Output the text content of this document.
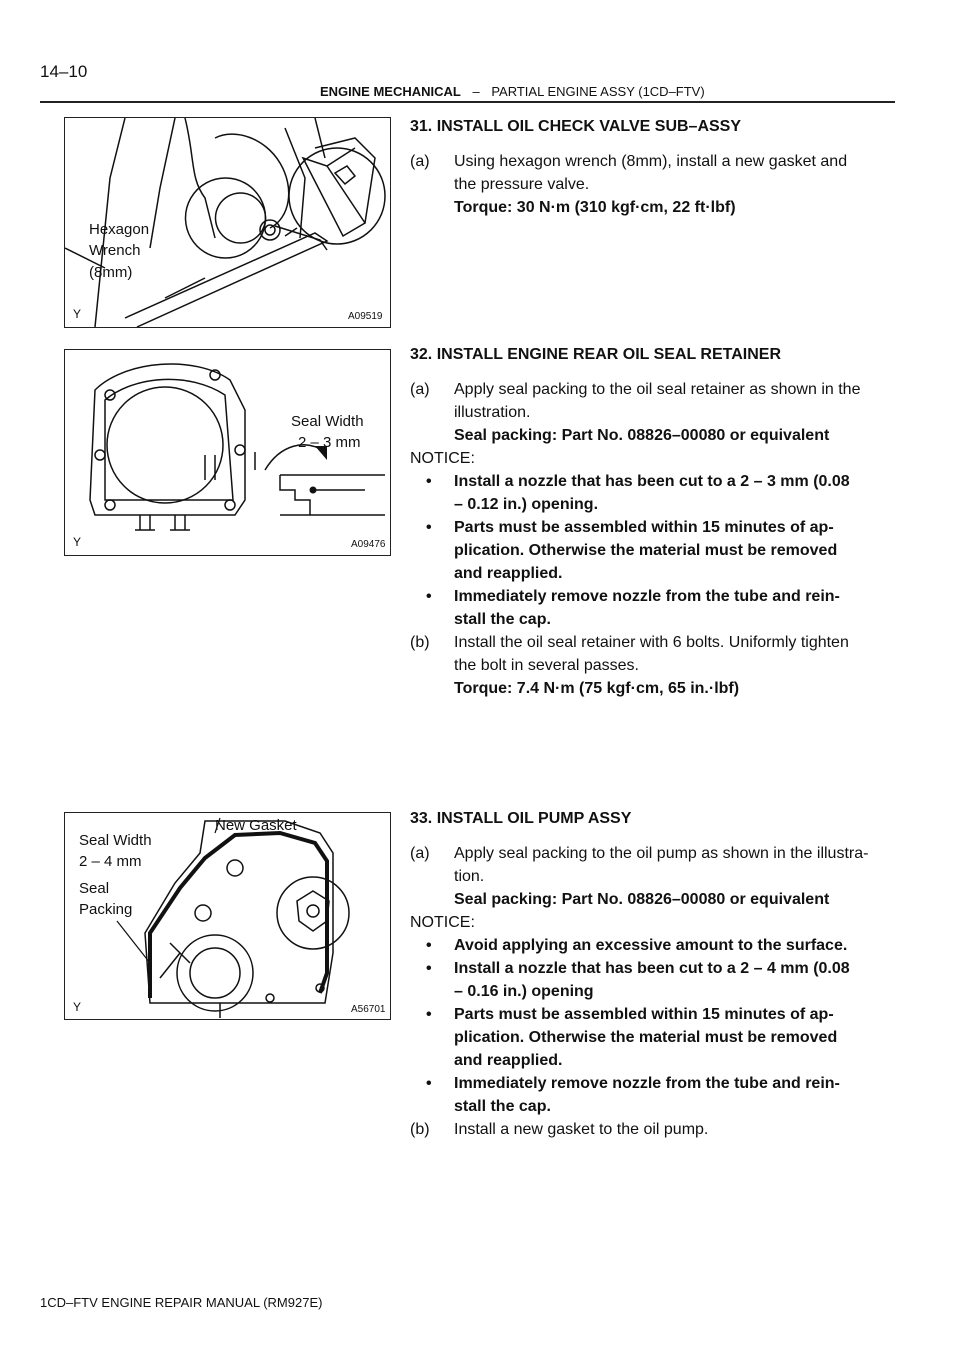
14–10
ENGINE MECHANICAL – PARTIAL ENGINE ASSY (1CD–FTV)
Hexagon
Wrench
(8mm)
Y	A09519
Seal Width
2 – 3 mm
Y	A09476
New Gasket
Seal Width
2 – 4 mm
Seal
Packing
Y	A56701
31. INSTALL OIL CHECK VALVE SUB–ASSY
(a) Using hexagon wrench (8mm), install a new gasket and
the pressure valve.
Torque: 30 N·m (310 kgf·cm, 22 ft·lbf)
32. INSTALL ENGINE REAR OIL SEAL RETAINER
(a) Apply seal packing to the oil seal retainer as shown in the
illustration.
Seal packing: Part No. 08826–00080 or equivalent
NOTICE:
• Install a nozzle that has been cut to a 2 – 3 mm (0.08
– 0.12 in.) opening.
• Parts must be assembled within 15 minutes of ap-
plication. Otherwise the material must be removed
and reapplied.
• Immediately remove nozzle from the tube and rein-
stall the cap.
(b) Install the oil seal retainer with 6 bolts. Uniformly tighten
the bolt in several passes.
Torque: 7.4 N·m (75 kgf·cm, 65 in.·lbf)
33. INSTALL OIL PUMP ASSY
(a) Apply seal packing to the oil pump as shown in the illustra-
tion.
Seal packing: Part No. 08826–00080 or equivalent
NOTICE:
• Avoid applying an excessive amount to the surface.
• Install a nozzle that has been cut to a 2 – 4 mm (0.08
– 0.16 in.) opening
• Parts must be assembled within 15 minutes of ap-
plication. Otherwise the material must be removed
and reapplied.
• Immediately remove nozzle from the tube and rein-
stall the cap.
(b) Install a new gasket to the oil pump.
1CD–FTV ENGINE REPAIR MANUAL (RM927E)
